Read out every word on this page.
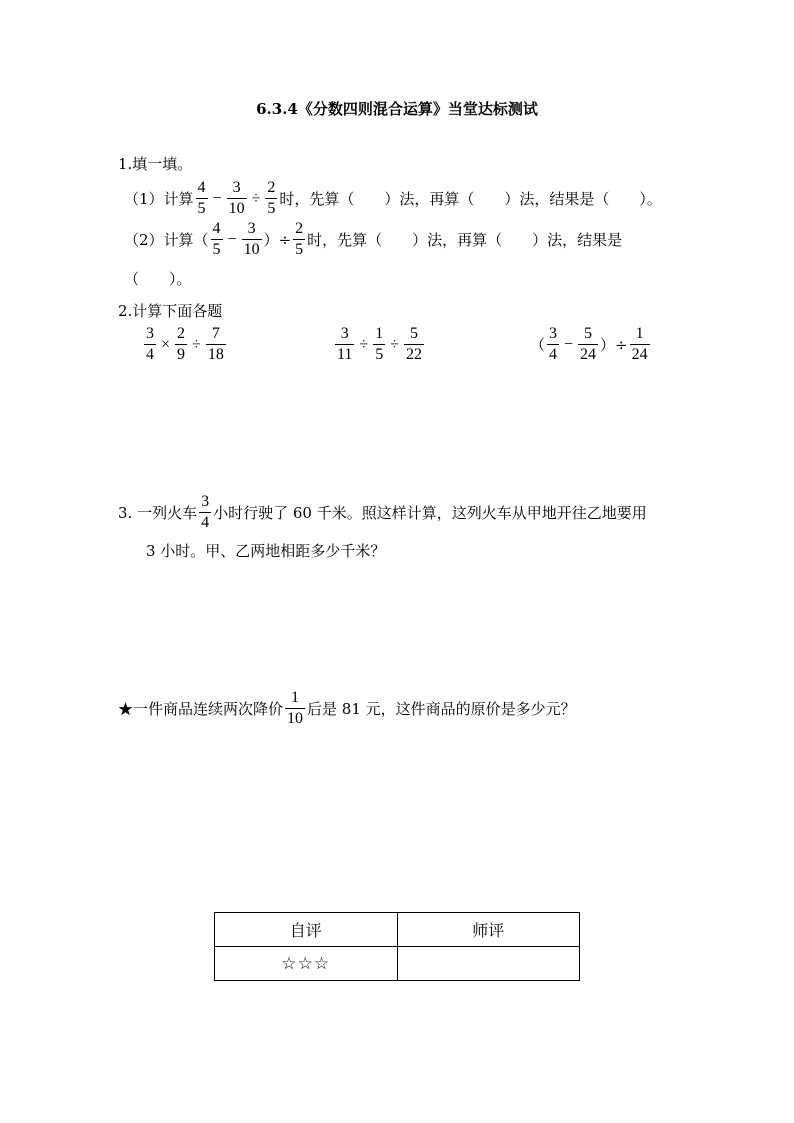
6.3.4《分数四则混合运算》当堂达标测试
1.填一填。
（1）计算 $\frac{4}{5} - \frac{3}{10} \div \frac{2}{5}$ 时，先算（　　）法，再算（　　）法，结果是（　　）。
（2）计算（ $\frac{4}{5} - \frac{3}{10}$ ）÷ $\frac{2}{5}$ 时，先算（　　）法，再算（　　）法，结果是
（　　）。
2.计算下面各题
$\frac{3}{4} \times \frac{2}{9} \div \frac{7}{18}$	$\frac{3}{11} \div \frac{1}{5} \div \frac{5}{22}$	（ $\frac{3}{4} - \frac{5}{24}$ ）÷ $\frac{1}{24}$
3. 一列火车 $\frac{3}{4}$ 小时行驶了 60 千米。照这样计算，这列火车从甲地开往乙地要用
3 小时。甲、乙两地相距多少千米？
★一件商品连续两次降价 $\frac{1}{10}$ 后是 81 元，这件商品的原价是多少元？
自评	师评
☆☆☆	
